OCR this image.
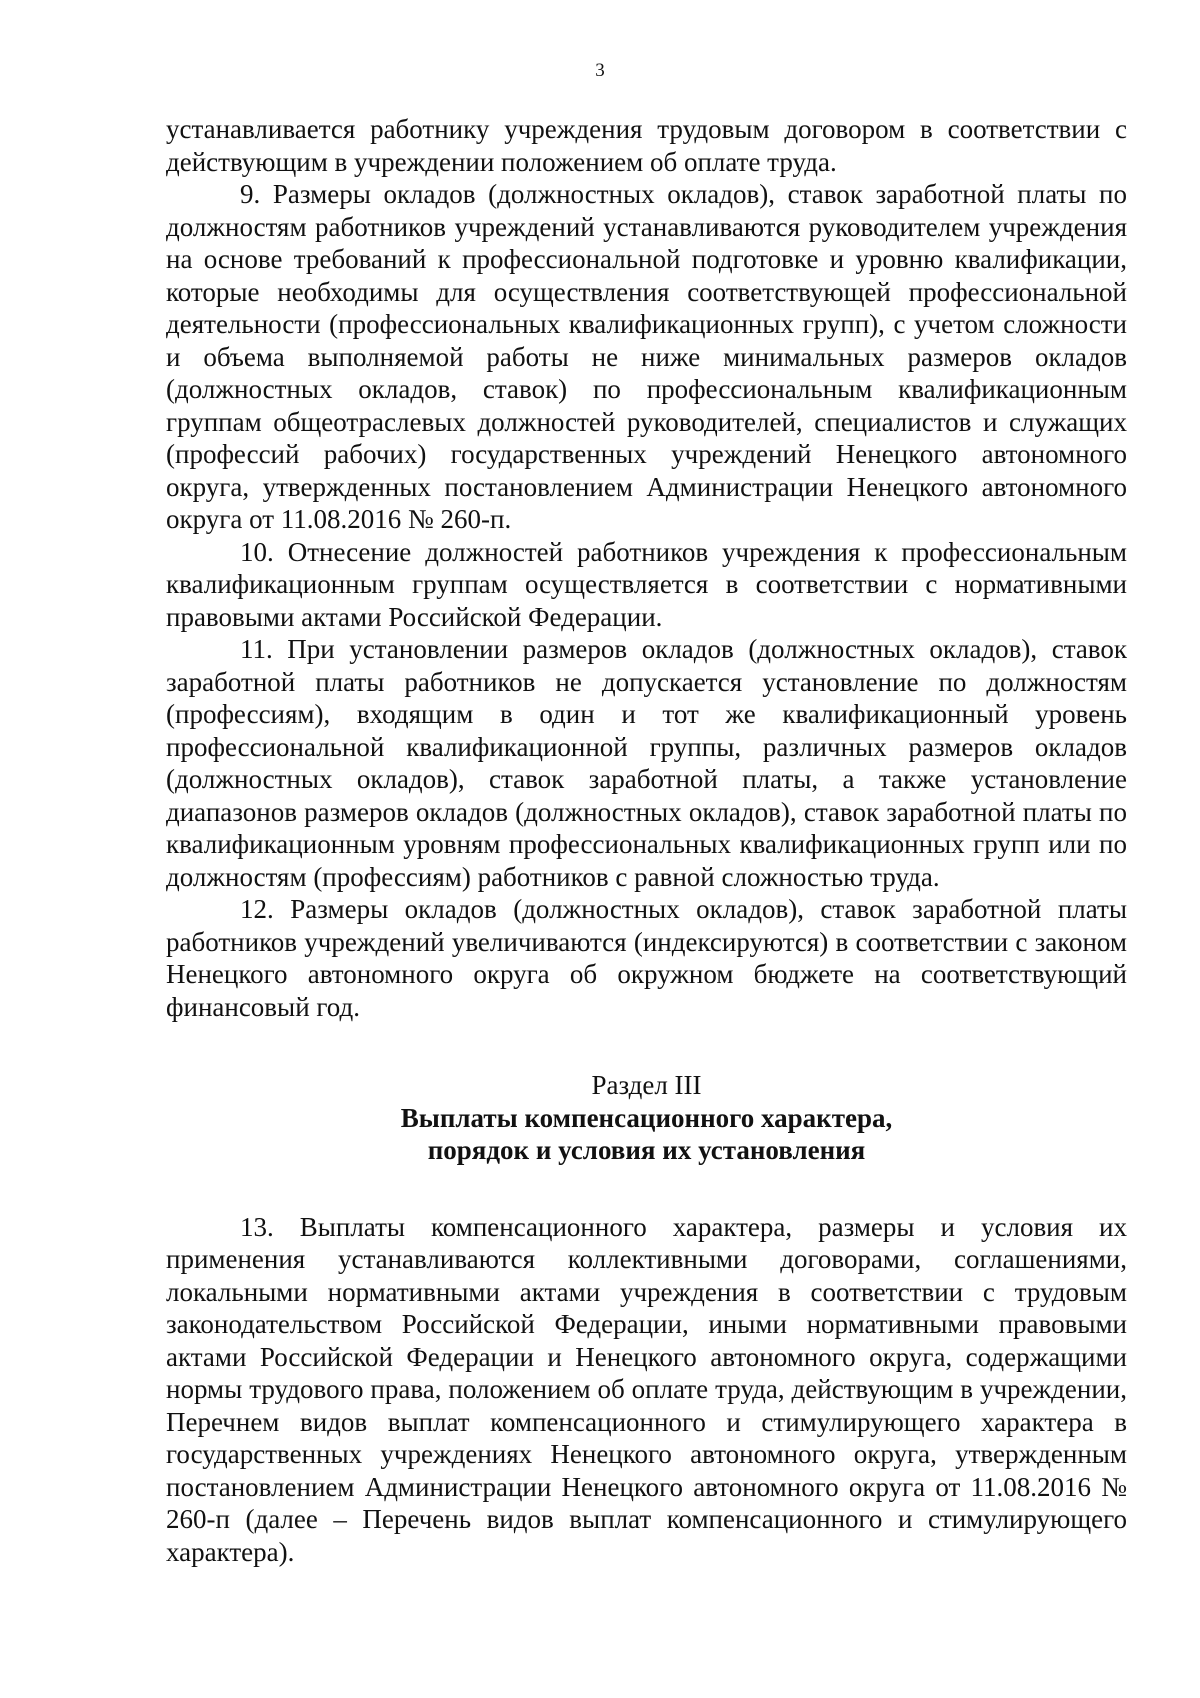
3

устанавливается работнику учреждения трудовым договором в соответствии с действующим в учреждении положением об оплате труда.

9. Размеры окладов (должностных окладов), ставок заработной платы по должностям работников учреждений устанавливаются руководителем учреждения на основе требований к профессиональной подготовке и уровню квалификации, которые необходимы для осуществления соответствующей профессиональной деятельности (профессиональных квалификационных групп), с учетом сложности и объема выполняемой работы не ниже минимальных размеров окладов (должностных окладов, ставок) по профессиональным квалификационным группам общеотраслевых должностей руководителей, специалистов и служащих (профессий рабочих) государственных учреждений Ненецкого автономного округа, утвержденных постановлением Администрации Ненецкого автономного округа от 11.08.2016 № 260-п.

10. Отнесение должностей работников учреждения к профессиональным квалификационным группам осуществляется в соответствии с нормативными правовыми актами Российской Федерации.

11. При установлении размеров окладов (должностных окладов), ставок заработной платы работников не допускается установление по должностям (профессиям), входящим в один и тот же квалификационный уровень профессиональной квалификационной группы, различных размеров окладов (должностных окладов), ставок заработной платы, а также установление диапазонов размеров окладов (должностных окладов), ставок заработной платы по квалификационным уровням профессиональных квалификационных групп или по должностям (профессиям) работников с равной сложностью труда.

12. Размеры окладов (должностных окладов), ставок заработной платы работников учреждений увеличиваются (индексируются) в соответствии с законом Ненецкого автономного округа об окружном бюджете на соответствующий финансовый год.

Раздел III
Выплаты компенсационного характера,
порядок и условия их установления

13. Выплаты компенсационного характера, размеры и условия их применения устанавливаются коллективными договорами, соглашениями, локальными нормативными актами учреждения в соответствии с трудовым законодательством Российской Федерации, иными нормативными правовыми актами Российской Федерации и Ненецкого автономного округа, содержащими нормы трудового права, положением об оплате труда, действующим в учреждении, Перечнем видов выплат компенсационного и стимулирующего характера в государственных учреждениях Ненецкого автономного округа, утвержденным постановлением Администрации Ненецкого автономного округа от 11.08.2016 № 260-п (далее – Перечень видов выплат компенсационного и стимулирующего характера).
